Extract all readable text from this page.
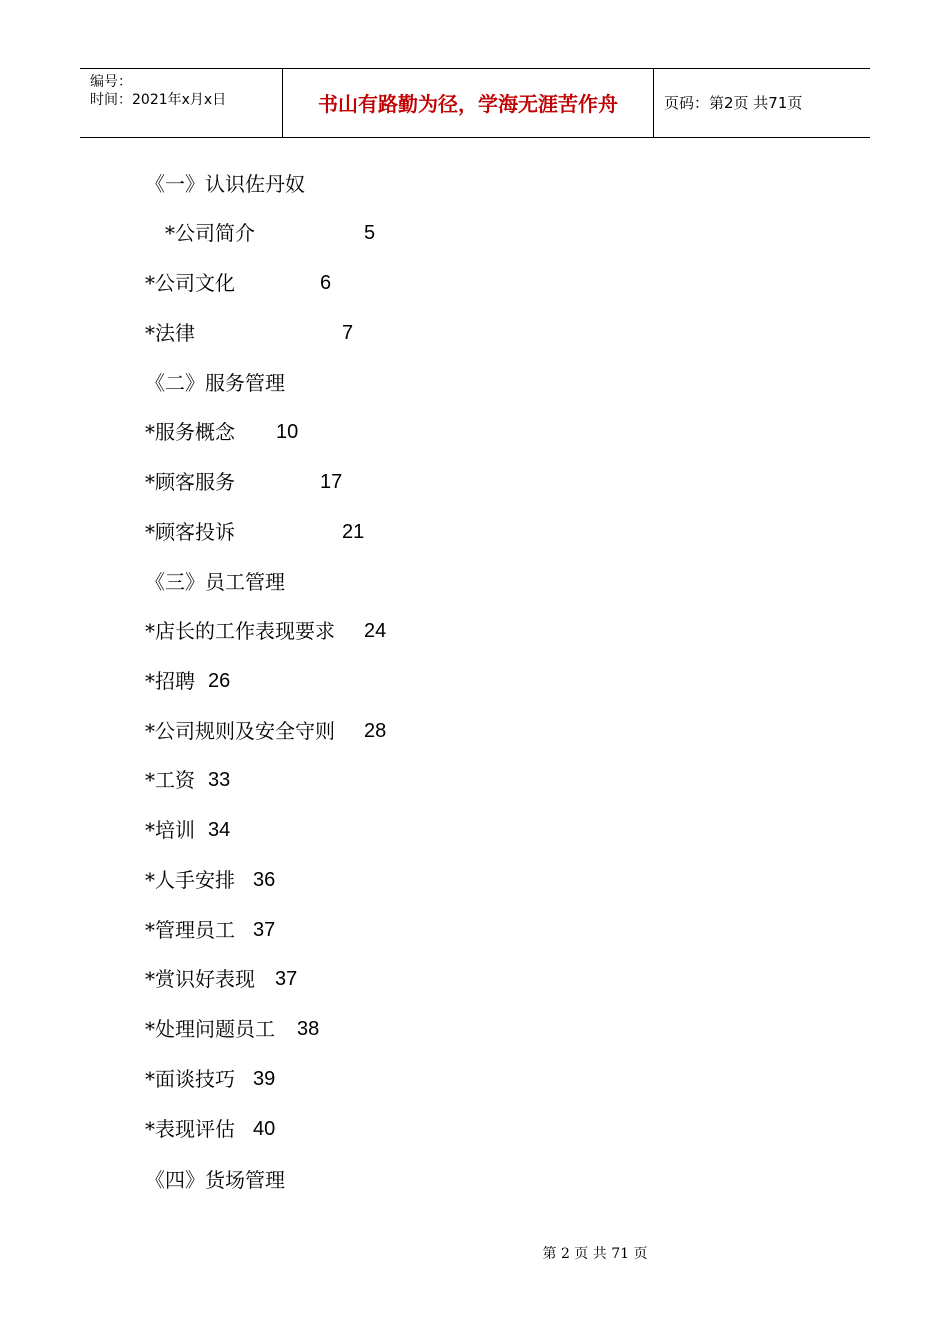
编号：
时间：2021年x月x日	书山有路勤为径，学海无涯苦作舟	页码：第2页 共71页
《一》认识佐丹奴
*公司简介	5
*公司文化	6
*法律	7
《二》服务管理
*服务概念 10
*顾客服务	17
*顾客投诉	21
《三》员工管理
*店长的工作表现要求 24
*招聘 26
*公司规则及安全守则 28
*工资 33
*培训 34
*人手安排 36
*管理员工 37
*赏识好表现 37
*处理问题员工 38
*面谈技巧 39
*表现评估 40
《四》货场管理
第 2 页 共 71 页
